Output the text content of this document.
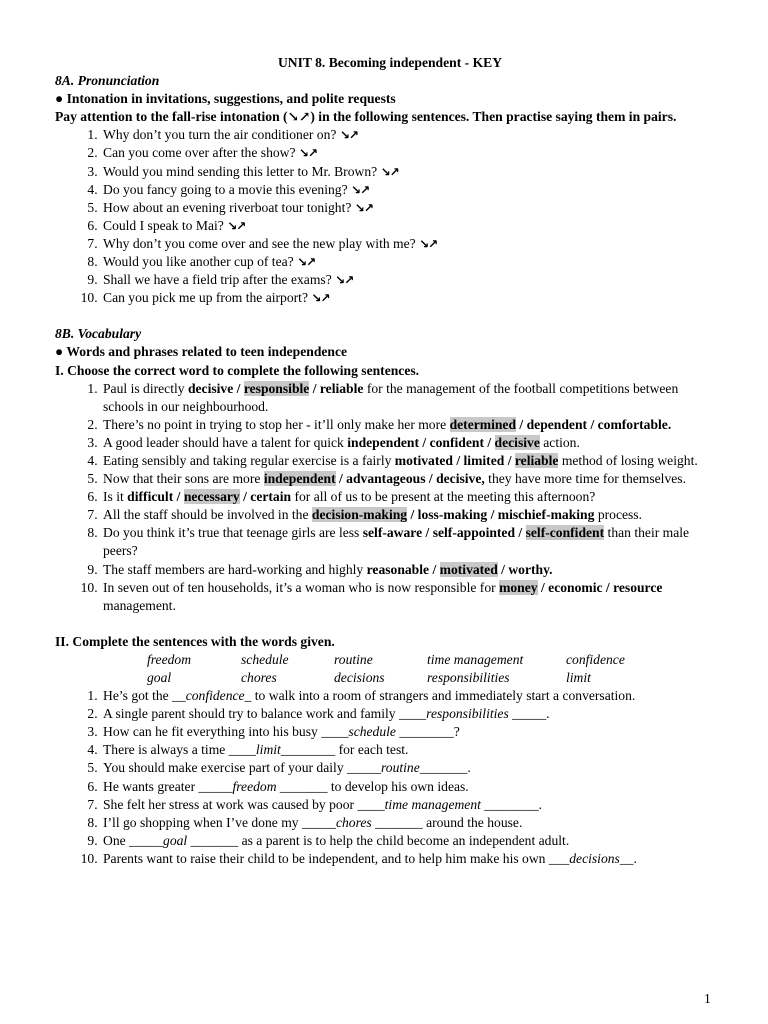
UNIT 8. Becoming independent - KEY
8A. Pronunciation
● Intonation in invitations, suggestions, and polite requests
Pay attention to the fall-rise intonation (↘↗) in the following sentences. Then practise saying them in pairs.
1. Why don’t you turn the air conditioner on? ↘↗
2. Can you come over after the show? ↘↗
3. Would you mind sending this letter to Mr. Brown? ↘↗
4. Do you fancy going to a movie this evening? ↘↗
5. How about an evening riverboat tour tonight? ↘↗
6. Could I speak to Mai? ↘↗
7. Why don’t you come over and see the new play with me? ↘↗
8. Would you like another cup of tea? ↘↗
9. Shall we have a field trip after the exams? ↘↗
10. Can you pick me up from the airport? ↘↗
8B. Vocabulary
● Words and phrases related to teen independence
I. Choose the correct word to complete the following sentences.
1. Paul is directly decisive / responsible / reliable for the management of the football competitions between schools in our neighbourhood.
2. There’s no point in trying to stop her - it’ll only make her more determined / dependent / comfortable.
3. A good leader should have a talent for quick independent / confident / decisive action.
4. Eating sensibly and taking regular exercise is a fairly motivated / limited / reliable method of losing weight.
5. Now that their sons are more independent / advantageous / decisive, they have more time for themselves.
6. Is it difficult / necessary / certain for all of us to be present at the meeting this afternoon?
7. All the staff should be involved in the decision-making / loss-making / mischief-making process.
8. Do you think it’s true that teenage girls are less self-aware / self-appointed / self-confident than their male peers?
9. The staff members are hard-working and highly reasonable / motivated / worthy.
10. In seven out of ten households, it’s a woman who is now responsible for money / economic / resource management.
II. Complete the sentences with the words given.
freedom	schedule	routine	time management	confidence
goal	chores	decisions	responsibilities	limit
1. He’s got the __confidence_ to walk into a room of strangers and immediately start a conversation.
2. A single parent should try to balance work and family ____responsibilities _____.
3. How can he fit everything into his busy ____schedule ________?
4. There is always a time ____limit________ for each test.
5. You should make exercise part of your daily _____routine_______.
6. He wants greater _____freedom _______ to develop his own ideas.
7. She felt her stress at work was caused by poor ____time management ________.
8. I’ll go shopping when I’ve done my _____chores _______ around the house.
9. One _____goal _______ as a parent is to help the child become an independent adult.
10. Parents want to raise their child to be independent, and to help him make his own ___decisions__.
1
